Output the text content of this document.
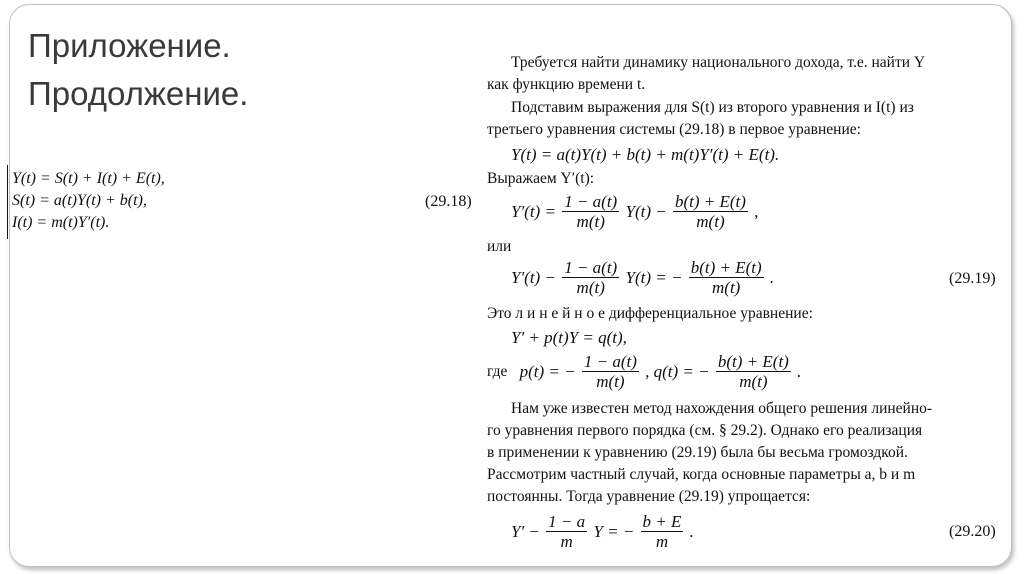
Приложение.
Продолжение.
Y(t) = S(t) + I(t) + E(t),
S(t) = a(t)Y(t) + b(t),
I(t) = m(t)Y′(t).
(29.18)
Требуется найти динамику национального дохода, т.е. найти Y
как функцию времени t.
Подставим выражения для S(t) из второго уравнения и I(t) из
третьего уравнения системы (29.18) в первое уравнение:
Y(t) = a(t)Y(t) + b(t) + m(t)Y′(t) + E(t).
Выражаем Y′(t):
$Y'(t) = \frac{1 - a(t)}{m(t)} Y(t) - \frac{b(t) + E(t)}{m(t)}$ ,
или
$Y'(t) - \frac{1 - a(t)}{m(t)} Y(t)$ = − $\frac{b(t) + E(t)}{m(t)}$ .	(29.19)
Это л и н е й н о е дифференциальное уравнение:
Y′ + p(t)Y = q(t),
где p(t) = − $\frac{1 - a(t)}{m(t)}$ , q(t) = − $\frac{b(t) + E(t)}{m(t)}$ .
Нам уже известен метод нахождения общего решения линейно-
го уравнения первого порядка (см. § 29.2). Однако его реализация
в применении к уравнению (29.19) была бы весьма громоздкой.
Рассмотрим частный случай, когда основные параметры a, b и m
постоянны. Тогда уравнение (29.19) упрощается:
$Y' - \frac{1 - a}{m}$ Y = − $\frac{b + E}{m}$ .	(29.20)
